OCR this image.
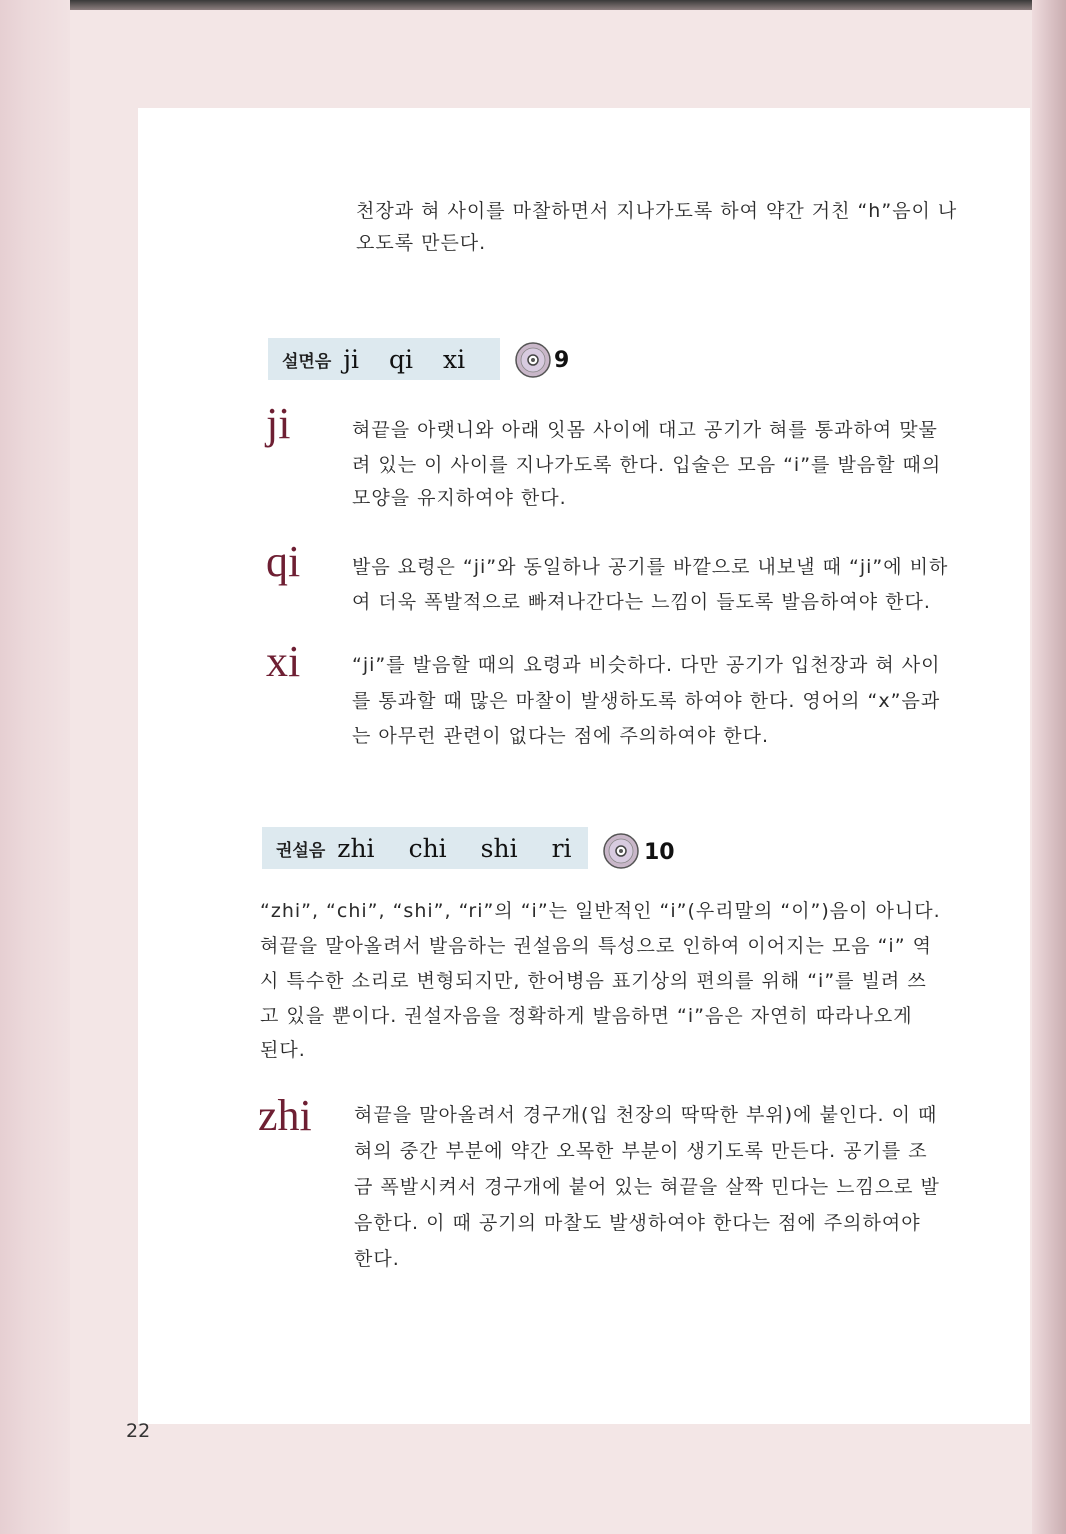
천장과 혀 사이를 마찰하면서 지나가도록 하여 약간 거친 “h”음이 나
오도록 만든다.
설면음 ji qi xi	9
ji	혀끝을 아랫니와 아래 잇몸 사이에 대고 공기가 혀를 통과하여 맞물
려 있는 이 사이를 지나가도록 한다. 입술은 모음 “i”를 발음할 때의
모양을 유지하여야 한다.
qi	발음 요령은 “ji”와 동일하나 공기를 바깥으로 내보낼 때 “ji”에 비하
여 더욱 폭발적으로 빠져나간다는 느낌이 들도록 발음하여야 한다.
xi	“ji”를 발음할 때의 요령과 비슷하다. 다만 공기가 입천장과 혀 사이
를 통과할 때 많은 마찰이 발생하도록 하여야 한다. 영어의 “x”음과
는 아무런 관련이 없다는 점에 주의하여야 한다.
권설음 zhi chi shi ri	10
“zhi”, “chi”, “shi”, “ri”의 “i”는 일반적인 “i”(우리말의 “이”)음이 아니다.
혀끝을 말아올려서 발음하는 권설음의 특성으로 인하여 이어지는 모음 “i” 역
시 특수한 소리로 변형되지만, 한어병음 표기상의 편의를 위해 “i”를 빌려 쓰
고 있을 뿐이다. 권설자음을 정확하게 발음하면 “i”음은 자연히 따라나오게
된다.
zhi 혀끝을 말아올려서 경구개(입 천장의 딱딱한 부위)에 붙인다. 이 때
혀의 중간 부분에 약간 오목한 부분이 생기도록 만든다. 공기를 조
금 폭발시켜서 경구개에 붙어 있는 혀끝을 살짝 민다는 느낌으로 발
음한다. 이 때 공기의 마찰도 발생하여야 한다는 점에 주의하여야
한다.
22
